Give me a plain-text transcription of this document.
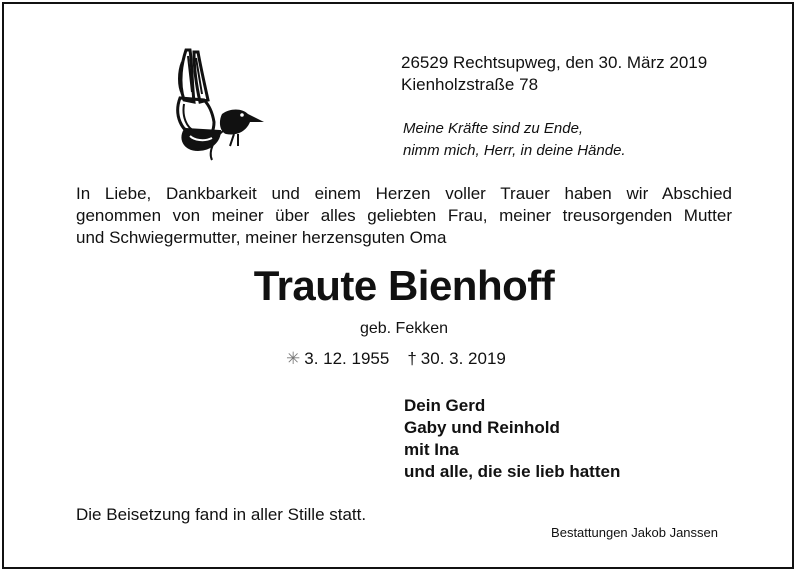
26529 Rechtsupweg, den 30. März 2019
Kienholzstraße 78
Meine Kräfte sind zu Ende,
nimm mich, Herr, in deine Hände.
In Liebe, Dankbarkeit und einem Herzen voller Trauer haben wir Abschied
genommen von meiner über alles geliebten Frau, meiner treusorgenden Mutter
und Schwiegermutter, meiner herzensguten Oma
Traute Bienhoff
geb. Fekken
✳ 3. 12. 1955 † 30. 3. 2019
Dein Gerd
Gaby und Reinhold
mit Ina
und alle, die sie lieb hatten
Die Beisetzung fand in aller Stille statt.
Bestattungen Jakob Janssen
